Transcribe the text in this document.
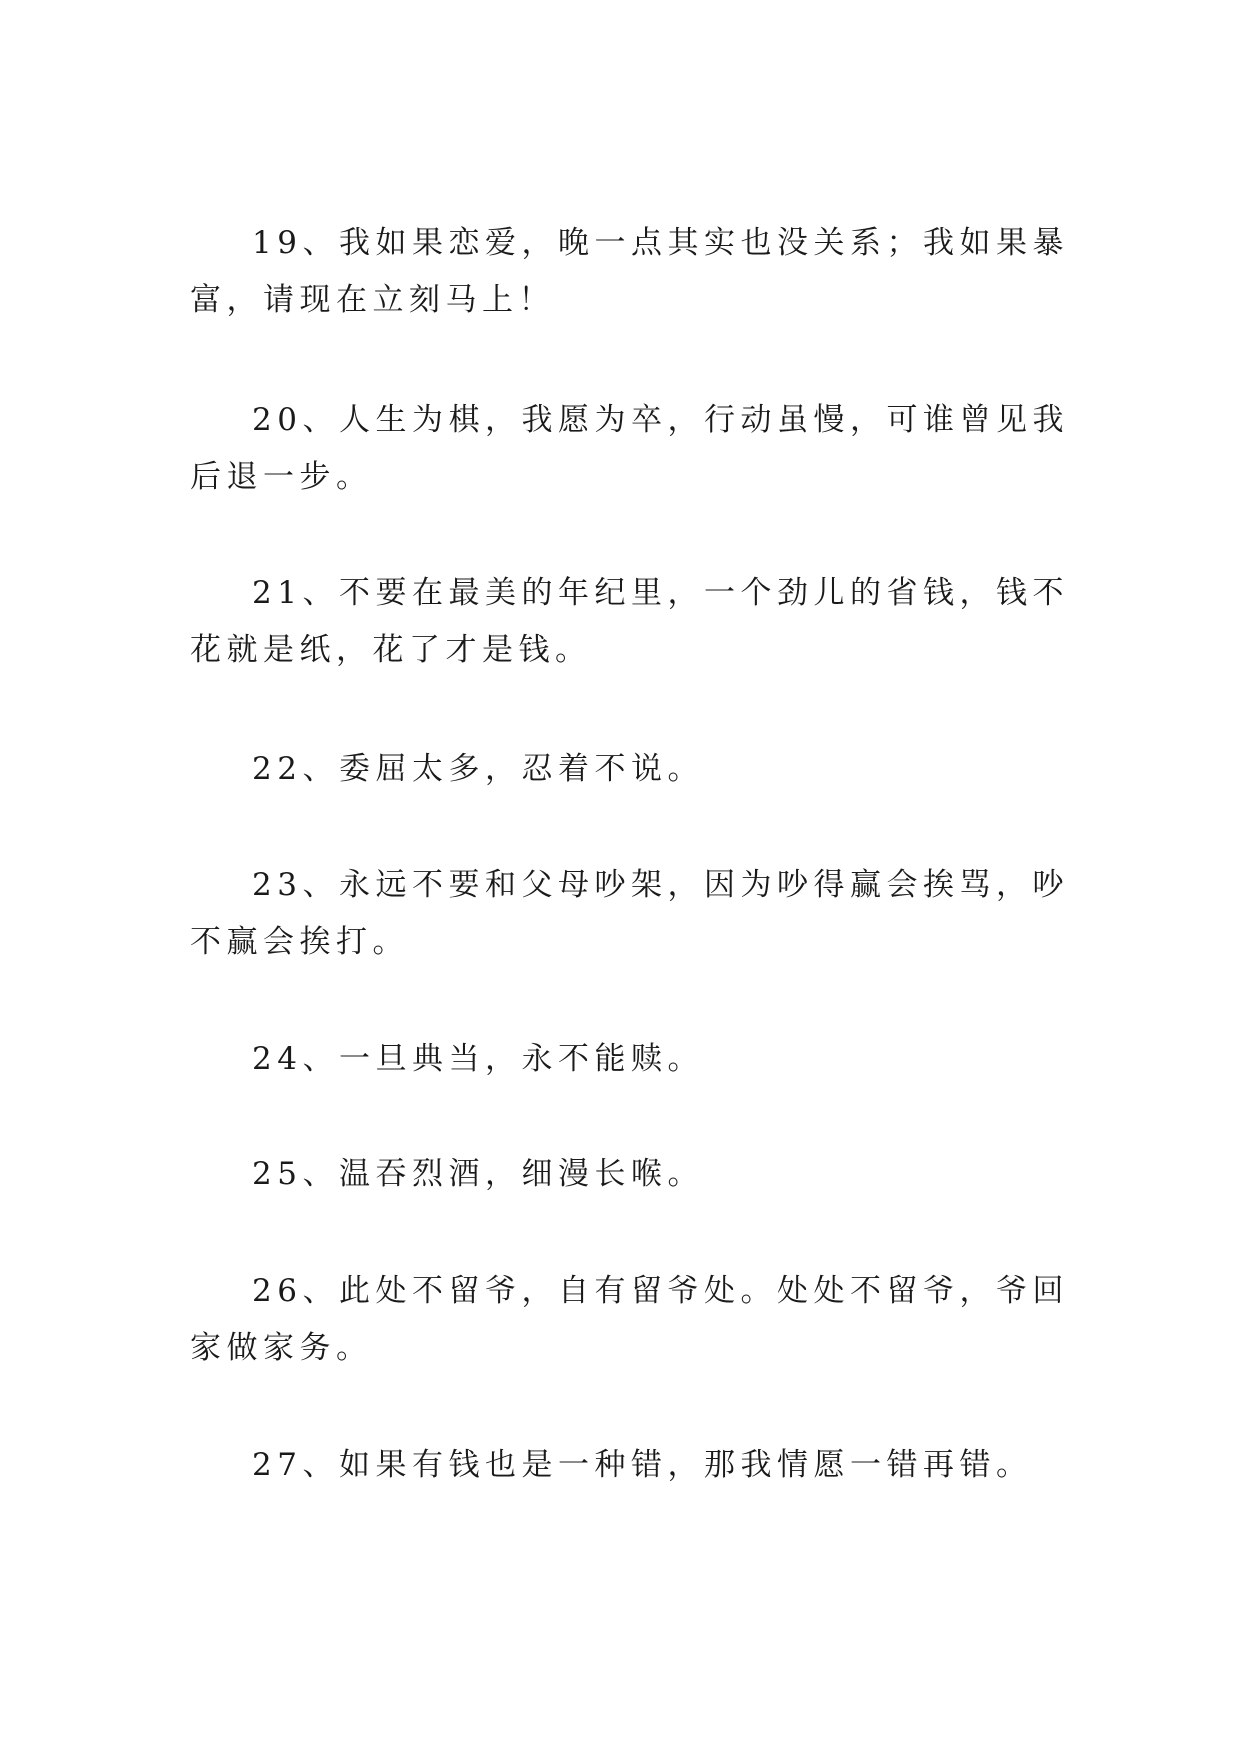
19、我如果恋爱，晚一点其实也没关系；我如果暴富，请现在立刻马上！

20、人生为棋，我愿为卒，行动虽慢，可谁曾见我后退一步。

21、不要在最美的年纪里，一个劲儿的省钱，钱不花就是纸，花了才是钱。

22、委屈太多，忍着不说。

23、永远不要和父母吵架，因为吵得赢会挨骂，吵不赢会挨打。

24、一旦典当，永不能赎。

25、温吞烈酒，细漫长喉。

26、此处不留爷，自有留爷处。处处不留爷，爷回家做家务。

27、如果有钱也是一种错，那我情愿一错再错。
